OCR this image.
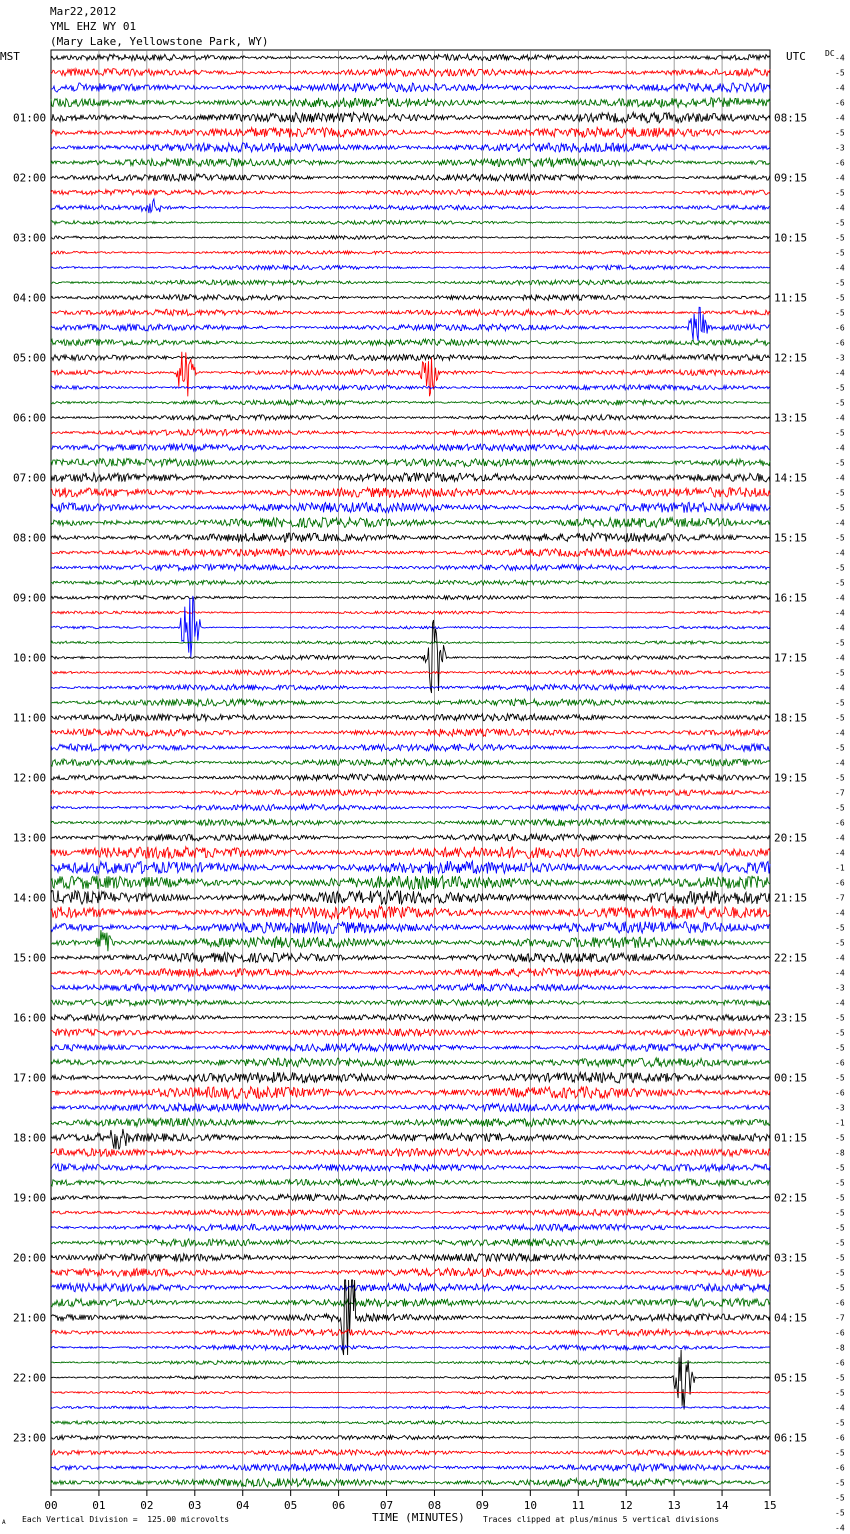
Mar22,2012
YML EHZ WY 01
(Mary Lake, Yellowstone Park, WY)
MST	UTC DC
01:00
02:00
03:00
04:00
05:00
06:00
07:00
08:00
09:00
10:00
11:00
12:00
13:00
14:00
15:00
16:00
17:00
18:00
19:00
20:00
21:00
22:00
23:00
08:15
09:15
10:15
11:15
12:15
13:15
14:15
15:15
16:15
17:15
18:15
19:15
20:15
21:15
22:15
23:15
00:15
01:15
02:15
03:15
04:15
05:15
06:15
-4
-5
-4
-6
-4
-5
-3
-6
-4
-5
-4
-5
-5
-5
-4
-5
-5
-5
-6
-6
-3
-4
-5
-5
-4
-5
-4
-5
-4
-5
-5
-4
-5
-4
-5
-5
-4
-4
-4
-5
-4
-5
-4
-5
-5
-4
-5
-4
-5
-7
-5
-6
-4
-4
-1
-6
-7
-4
-5
-5
-4
-4
-3
-4
-5
-5
-5
-6
-5
-6
-3
-1
-5
-8
-5
-5
-5
-5
-5
-5
-5
-5
-5
-6
-7
-6
-8
-6
-5
-5
-4
-5
-6
-5
-6
-5
-5
-5
-4
00	01	02	03	04	05	06	07	08	09	10	11	12	13	14	15
TIME (MINUTES)
Each Vertical Division =  125.00 microvolts	Traces clipped at plus/minus 5 vertical divisions
A
